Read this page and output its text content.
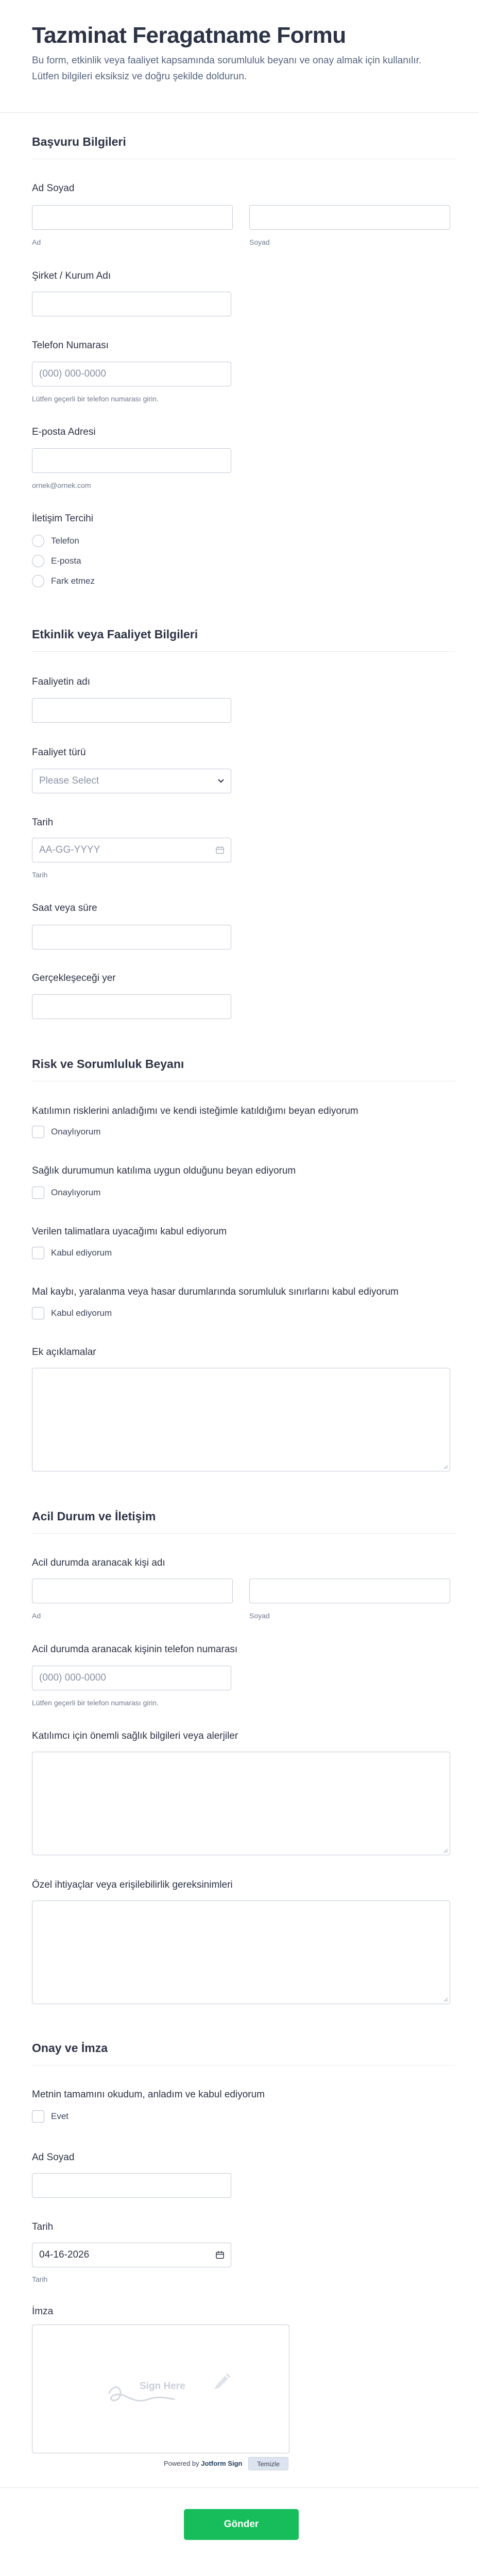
Tazminat Feragatname Formu
Bu form, etkinlik veya faaliyet kapsamında sorumluluk beyanı ve onay almak için kullanılır. Lütfen bilgileri eksiksiz ve doğru şekilde doldurun.
Başvuru Bilgileri
Ad Soyad
Ad	Soyad
Şirket / Kurum Adı
Telefon Numarası
(000) 000-0000
Lütfen geçerli bir telefon numarası girin.
E-posta Adresi
ornek@ornek.com
İletişim Tercihi
Telefon
E-posta
Fark etmez
Etkinlik veya Faaliyet Bilgileri
Faaliyetin adı
Faaliyet türü
Please Select
Tarih
AA-GG-YYYY
Tarih
Saat veya süre
Gerçekleşeceği yer
Risk ve Sorumluluk Beyanı
Katılımın risklerini anladığımı ve kendi isteğimle katıldığımı beyan ediyorum
Onaylıyorum
Sağlık durumumun katılıma uygun olduğunu beyan ediyorum
Onaylıyorum
Verilen talimatlara uyacağımı kabul ediyorum
Kabul ediyorum
Mal kaybı, yaralanma veya hasar durumlarında sorumluluk sınırlarını kabul ediyorum
Kabul ediyorum
Ek açıklamalar
Acil Durum ve İletişim
Acil durumda aranacak kişi adı
Ad	Soyad
Acil durumda aranacak kişinin telefon numarası
(000) 000-0000
Lütfen geçerli bir telefon numarası girin.
Katılımcı için önemli sağlık bilgileri veya alerjiler
Özel ihtiyaçlar veya erişilebilirlik gereksinimleri
Onay ve İmza
Metnin tamamını okudum, anladım ve kabul ediyorum
Evet
Ad Soyad
Tarih
04-16-2026
Tarih
İmza
Sign Here
Powered by Jotform Sign	Temizle
Gönder
